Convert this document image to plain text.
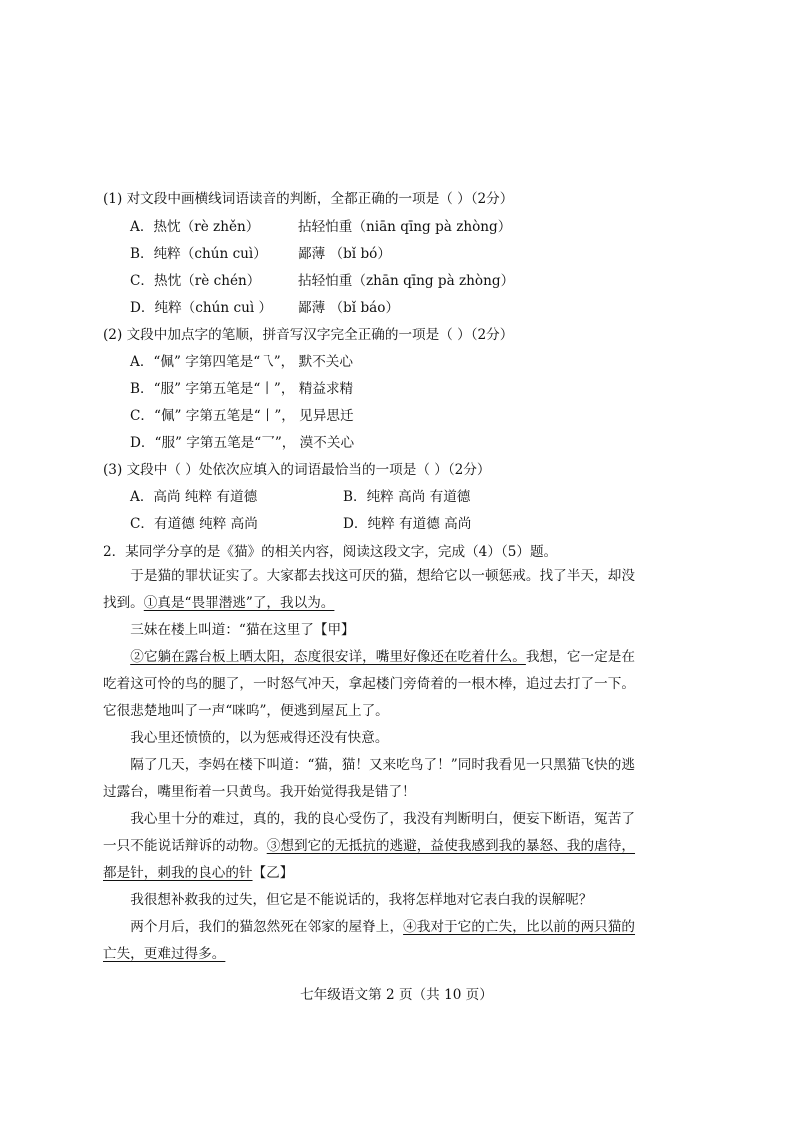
(1) 对文段中画横线词语读音的判断，全都正确的一项是（ ）（2分）
A．热忱（rè zhěn）	拈轻怕重（niān qīng pà zhòng）
B．纯粹（chún cuì） 鄙薄 （bǐ bó）
C．热忱（rè chén）	拈轻怕重（zhān qīng pà zhòng）
D．纯粹（chún cuì ） 鄙薄 （bǐ báo）
(2) 文段中加点字的笔顺，拼音写汉字完全正确的一项是（ ）（2分）
A．“佩” 字第四笔是“乁”， 默不关心
B．“服” 字第五笔是“丨”， 精益求精
C．“佩” 字第五笔是“丨”， 见异思迁
D．“服” 字第五笔是“乛”， 漠不关心
(3) 文段中（ ）处依次应填入的词语最恰当的一项是（ ）（2分）
A．高尚 纯粹 有道德	B．纯粹 高尚 有道德
C．有道德 纯粹 高尚	D．纯粹 有道德 高尚
2．某同学分享的是《猫》的相关内容，阅读这段文字，完成（4）（5）题。
于是猫的罪状证实了。大家都去找这可厌的猫，想给它以一顿惩戒。找了半天，却没找到。①真是“畏罪潜逃”了，我以为。
三妹在楼上叫道：“猫在这里了【甲】
②它躺在露台板上晒太阳，态度很安详，嘴里好像还在吃着什么。我想，它一定是在吃着这可怜的鸟的腿了，一时怒气冲天，拿起楼门旁倚着的一根木棒，追过去打了一下。它很悲楚地叫了一声“咪呜”，便逃到屋瓦上了。
我心里还愤愤的，以为惩戒得还没有快意。
隔了几天，李妈在楼下叫道：“猫，猫！又来吃鸟了！”同时我看见一只黑猫飞快的逃过露台，嘴里衔着一只黄鸟。我开始觉得我是错了！
我心里十分的难过，真的，我的良心受伤了，我没有判断明白，便妄下断语，冤苦了一只不能说话辩诉的动物。③想到它的无抵抗的逃避，益使我感到我的暴怒、我的虐待，都是针，刺我的良心的针【乙】
我很想补救我的过失，但它是不能说话的，我将怎样地对它表白我的误解呢？
两个月后，我们的猫忽然死在邻家的屋脊上，④我对于它的亡失，比以前的两只猫的亡失，更难过得多。
七年级语文第 2 页（共 10 页）
